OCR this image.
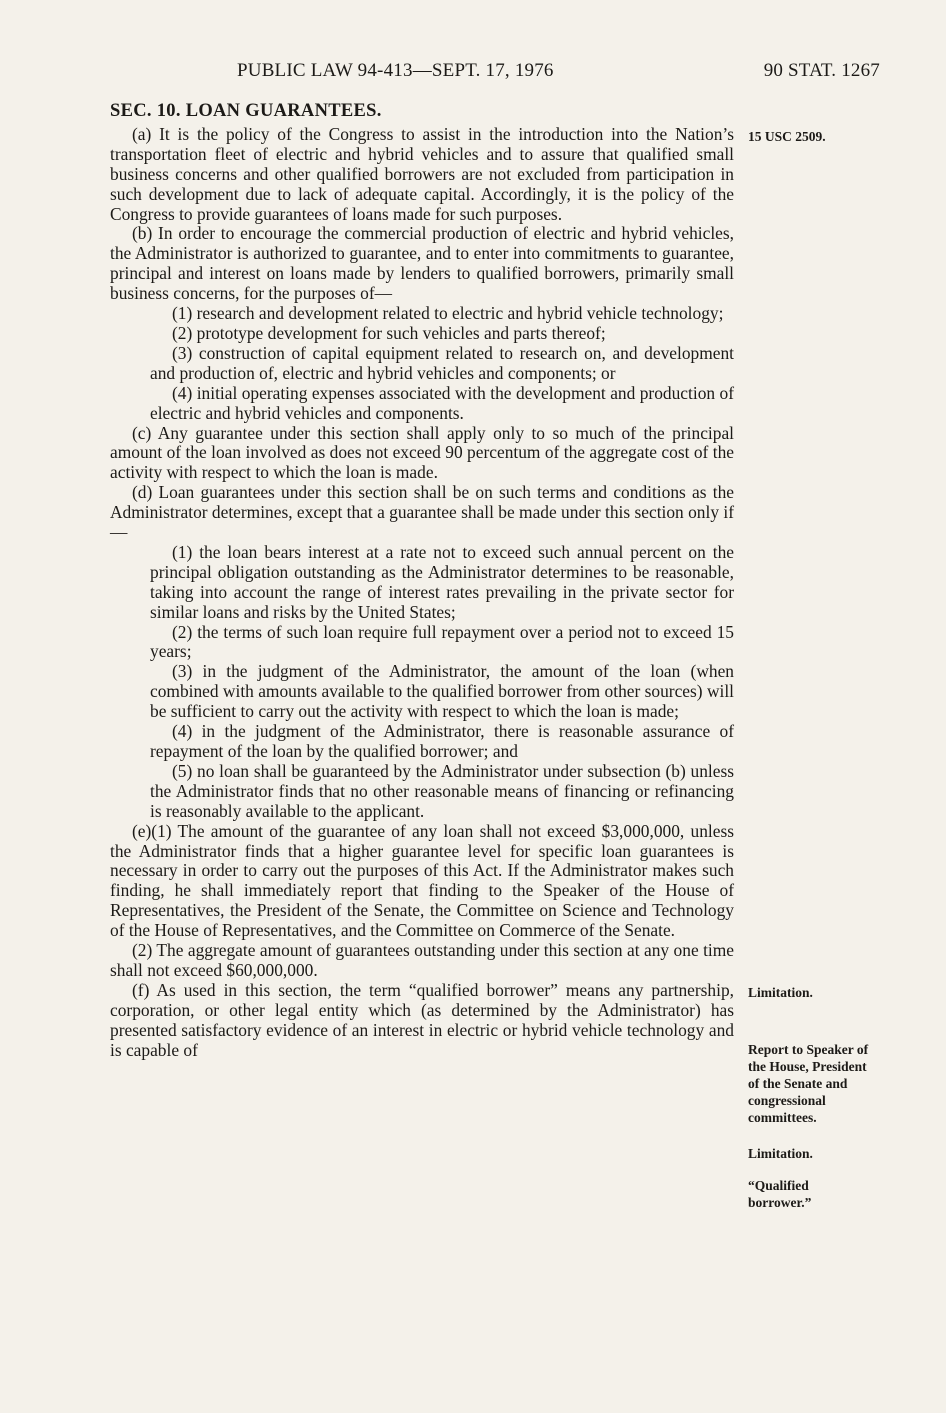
PUBLIC LAW 94-413—SEPT. 17, 1976	90 STAT. 1267
SEC. 10. LOAN GUARANTEES.

(a) It is the policy of the Congress to assist in the introduction into the Nation’s transportation fleet of electric and hybrid vehicles and to assure that qualified small business concerns and other qualified borrowers are not excluded from participation in such development due to lack of adequate capital. Accordingly, it is the policy of the Congress to provide guarantees of loans made for such purposes.

(b) In order to encourage the commercial production of electric and hybrid vehicles, the Administrator is authorized to guarantee, and to enter into commitments to guarantee, principal and interest on loans made by lenders to qualified borrowers, primarily small business concerns, for the purposes of—

(1) research and development related to electric and hybrid vehicle technology;

(2) prototype development for such vehicles and parts thereof;

(3) construction of capital equipment related to research on, and development and production of, electric and hybrid vehicles and components; or

(4) initial operating expenses associated with the development and production of electric and hybrid vehicles and components.

(c) Any guarantee under this section shall apply only to so much of the principal amount of the loan involved as does not exceed 90 percentum of the aggregate cost of the activity with respect to which the loan is made.

(d) Loan guarantees under this section shall be on such terms and conditions as the Administrator determines, except that a guarantee shall be made under this section only if—

(1) the loan bears interest at a rate not to exceed such annual percent on the principal obligation outstanding as the Administrator determines to be reasonable, taking into account the range of interest rates prevailing in the private sector for similar loans and risks by the United States;

(2) the terms of such loan require full repayment over a period not to exceed 15 years;

(3) in the judgment of the Administrator, the amount of the loan (when combined with amounts available to the qualified borrower from other sources) will be sufficient to carry out the activity with respect to which the loan is made;

(4) in the judgment of the Administrator, there is reasonable assurance of repayment of the loan by the qualified borrower; and

(5) no loan shall be guaranteed by the Administrator under subsection (b) unless the Administrator finds that no other reasonable means of financing or refinancing is reasonably available to the applicant.

(e)(1) The amount of the guarantee of any loan shall not exceed $3,000,000, unless the Administrator finds that a higher guarantee level for specific loan guarantees is necessary in order to carry out the purposes of this Act. If the Administrator makes such finding, he shall immediately report that finding to the Speaker of the House of Representatives, the President of the Senate, the Committee on Science and Technology of the House of Representatives, and the Committee on Commerce of the Senate.

(2) The aggregate amount of guarantees outstanding under this section at any one time shall not exceed $60,000,000.

(f) As used in this section, the term “qualified borrower” means any partnership, corporation, or other legal entity which (as determined by the Administrator) has presented satisfactory evidence of an interest in electric or hybrid vehicle technology and is capable of

15 USC 2509.
Limitation.
Report to Speaker of the House, President of the Senate and congressional committees.
Limitation.
“Qualified borrower.”
